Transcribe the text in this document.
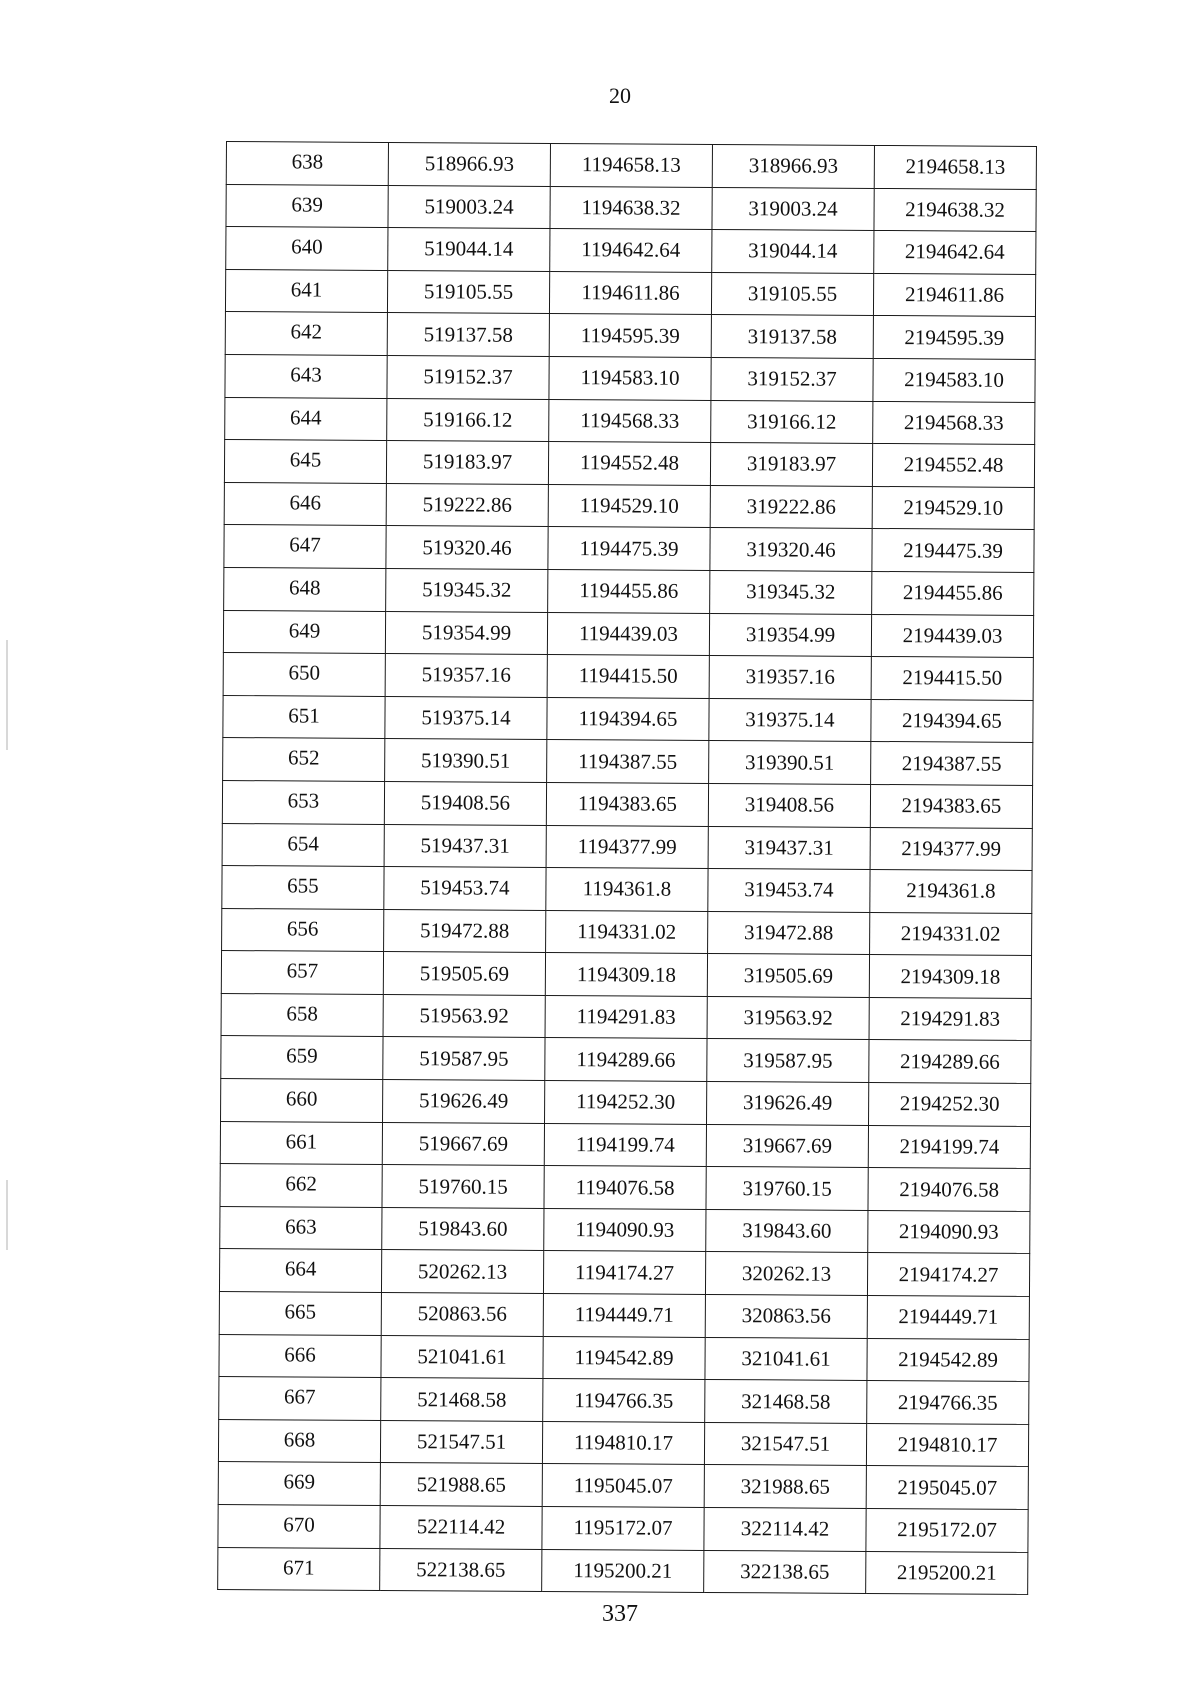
20
638	518966.93	1194658.13	318966.93	2194658.13
639	519003.24	1194638.32	319003.24	2194638.32
640	519044.14	1194642.64	319044.14	2194642.64
641	519105.55	1194611.86	319105.55	2194611.86
642	519137.58	1194595.39	319137.58	2194595.39
643	519152.37	1194583.10	319152.37	2194583.10
644	519166.12	1194568.33	319166.12	2194568.33
645	519183.97	1194552.48	319183.97	2194552.48
646	519222.86	1194529.10	319222.86	2194529.10
647	519320.46	1194475.39	319320.46	2194475.39
648	519345.32	1194455.86	319345.32	2194455.86
649	519354.99	1194439.03	319354.99	2194439.03
650	519357.16	1194415.50	319357.16	2194415.50
651	519375.14	1194394.65	319375.14	2194394.65
652	519390.51	1194387.55	319390.51	2194387.55
653	519408.56	1194383.65	319408.56	2194383.65
654	519437.31	1194377.99	319437.31	2194377.99
655	519453.74	1194361.8	319453.74	2194361.8
656	519472.88	1194331.02	319472.88	2194331.02
657	519505.69	1194309.18	319505.69	2194309.18
658	519563.92	1194291.83	319563.92	2194291.83
659	519587.95	1194289.66	319587.95	2194289.66
660	519626.49	1194252.30	319626.49	2194252.30
661	519667.69	1194199.74	319667.69	2194199.74
662	519760.15	1194076.58	319760.15	2194076.58
663	519843.60	1194090.93	319843.60	2194090.93
664	520262.13	1194174.27	320262.13	2194174.27
665	520863.56	1194449.71	320863.56	2194449.71
666	521041.61	1194542.89	321041.61	2194542.89
667	521468.58	1194766.35	321468.58	2194766.35
668	521547.51	1194810.17	321547.51	2194810.17
669	521988.65	1195045.07	321988.65	2195045.07
670	522114.42	1195172.07	322114.42	2195172.07
671	522138.65	1195200.21	322138.65	2195200.21
337
